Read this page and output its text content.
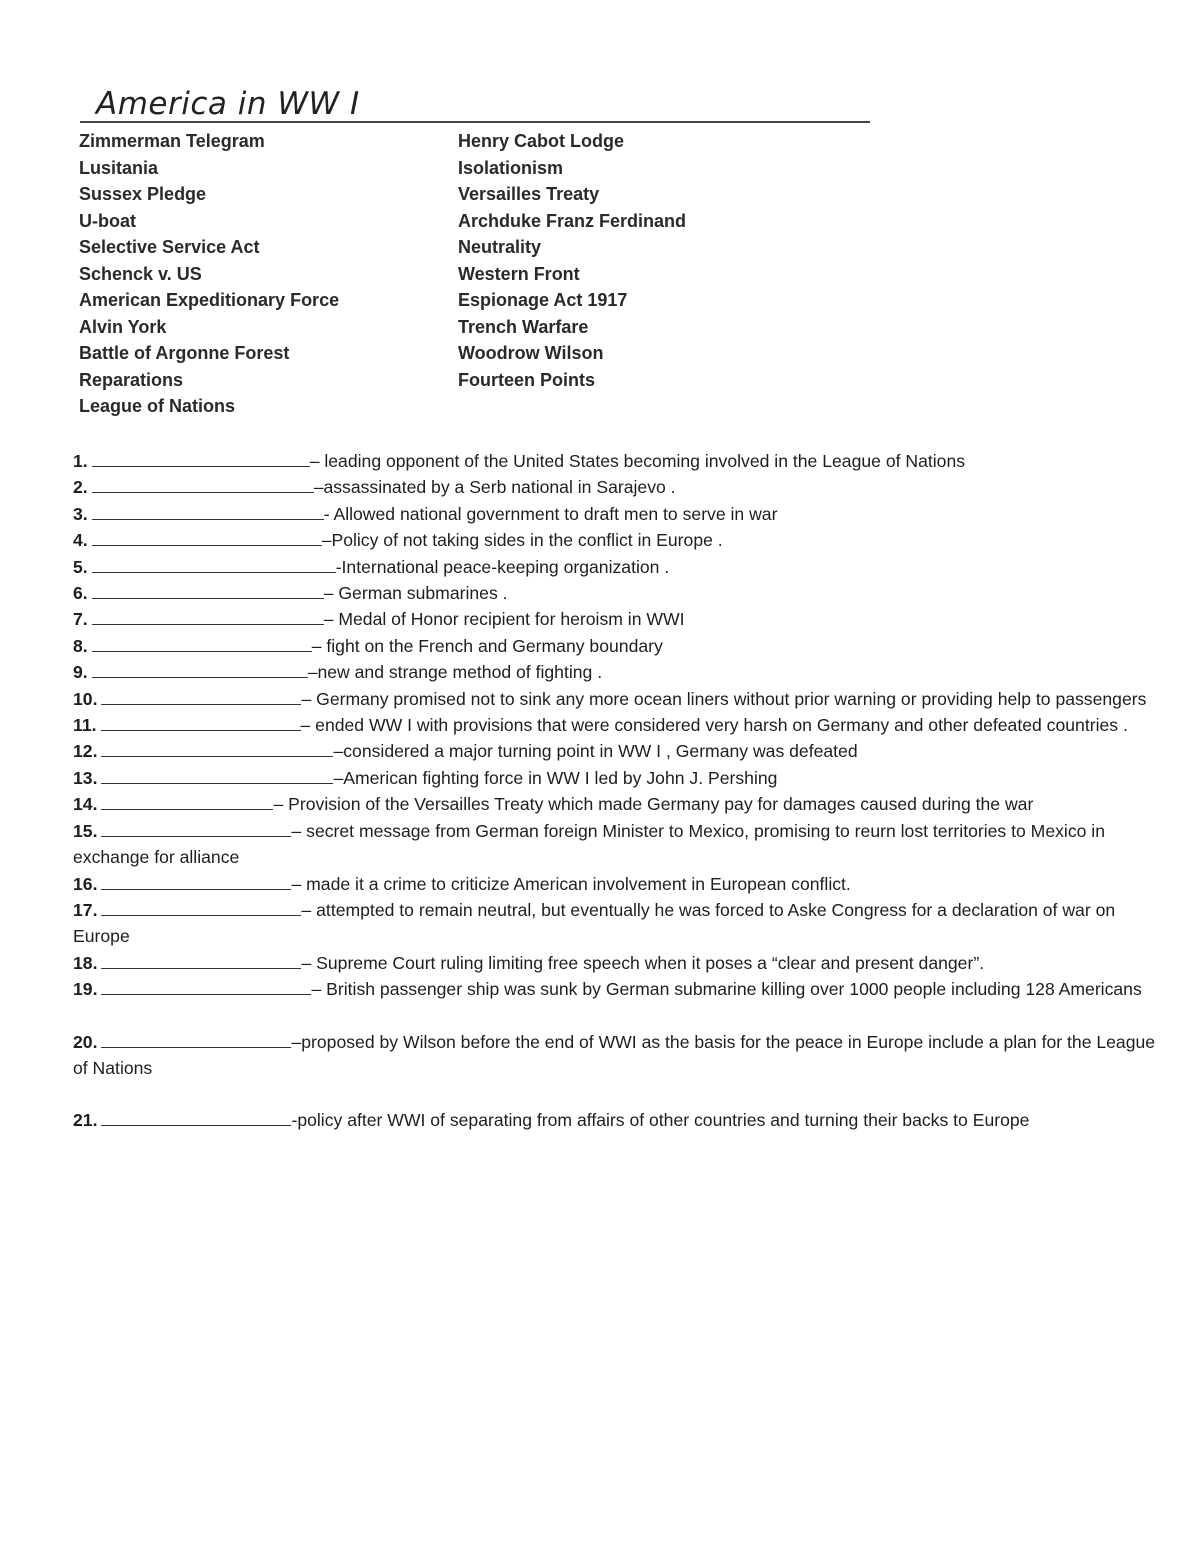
America in WW I
Zimmerman Telegram
Lusitania
Sussex Pledge
U-boat
Selective Service Act
Schenck v. US
American Expeditionary Force
Alvin York
Battle of Argonne Forest
Reparations
League of Nations
Henry Cabot Lodge
Isolationism
Versailles Treaty
Archduke Franz Ferdinand
Neutrality
Western Front
Espionage Act 1917
Trench Warfare
Woodrow Wilson
Fourteen Points
1.	– leading opponent of the United States becoming involved in the League of Nations
2.	–assassinated by a Serb national in Sarajevo .
3.	- Allowed national government to draft men to serve in war
4.	–Policy of not taking sides in the conflict in Europe .
5.	-International peace-keeping organization .
6.	– German submarines .
7.	– Medal of Honor recipient for heroism in WWI
8.	– fight on the French and Germany boundary
9.	–new and strange method of fighting .
10.	– Germany promised not to sink any more ocean liners without prior warning or providing help to passengers
11.	– ended WW I with provisions that were considered very harsh on Germany and other defeated countries .
12.	–considered a major turning point in WW I , Germany was defeated
13.	–American fighting force in WW I led by John J. Pershing
14.	– Provision of the Versailles Treaty which made Germany pay for damages caused during the war
15.	– secret message from German foreign Minister to Mexico, promising to reurn lost territories to Mexico in exchange for alliance
16.	– made it a crime to criticize American involvement in European conflict.
17.	– attempted to remain neutral, but eventually he was forced to Aske Congress for a declaration of war on Europe
18.	– Supreme Court ruling limiting free speech when it poses a “clear and present danger”.
19.	– British passenger ship was sunk by German submarine killing over 1000 people including 128 Americans
20.	–proposed by Wilson before the end of WWI as the basis for the peace in Europe include a plan for the League of Nations
21.	-policy after WWI of separating from affairs of other countries and turning their backs to Europe
